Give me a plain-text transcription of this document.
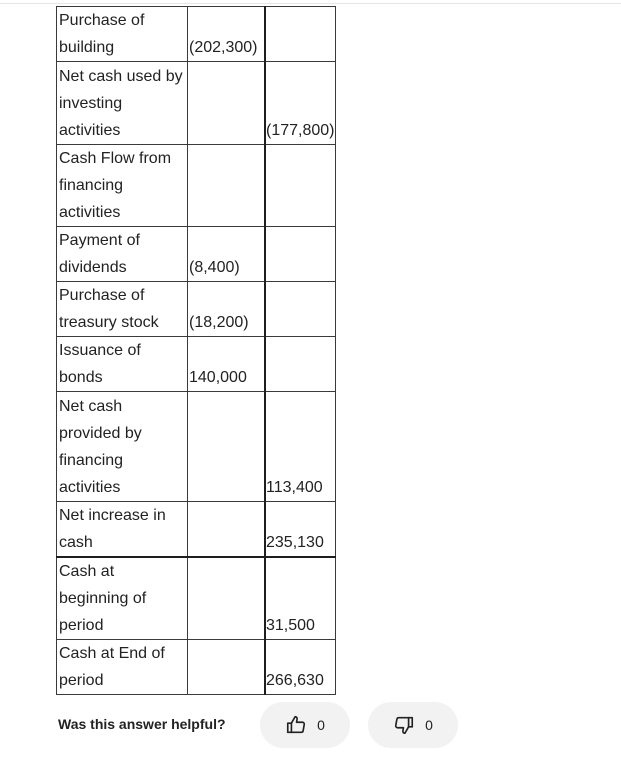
Purchase of building	(202,300)	
Net cash used by investing activities		(177,800)
Cash Flow from financing activities		
Payment of dividends	(8,400)	
Purchase of treasury stock	(18,200)	
Issuance of bonds	140,000	
Net cash provided by financing activities		113,400
Net increase in cash		235,130
Cash at beginning of period		31,500
Cash at End of period		266,630
Was this answer helpful?	0	0
